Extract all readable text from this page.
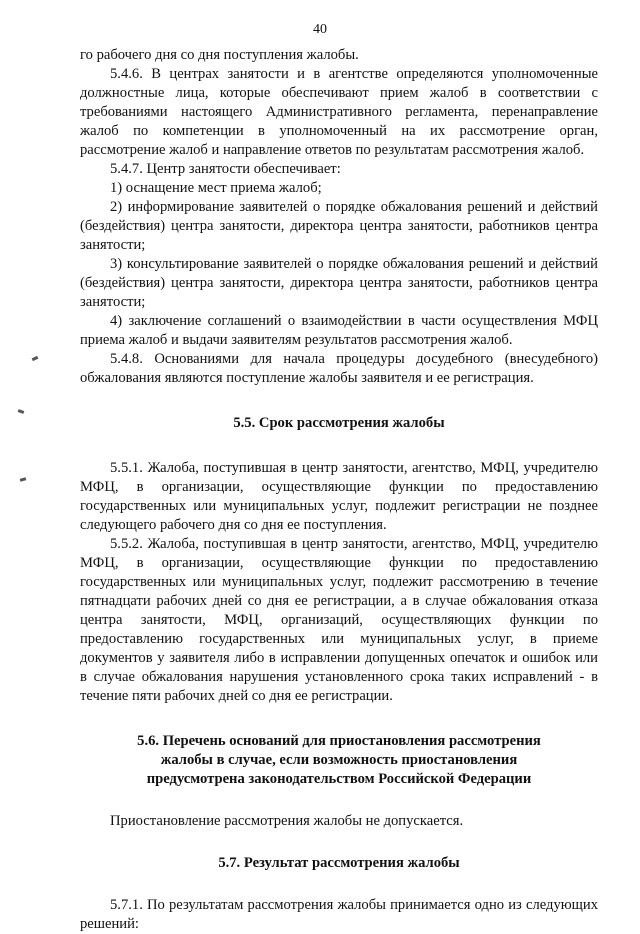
40

го рабочего дня со дня поступления жалобы.

5.4.6. В центрах занятости и в агентстве определяются уполномоченные должностные лица, которые обеспечивают прием жалоб в соответствии с требованиями настоящего Административного регламента, перенаправление жалоб по компетенции в уполномоченный на их рассмотрение орган, рассмотрение жалоб и направление ответов по результатам рассмотрения жалоб.

5.4.7. Центр занятости обеспечивает:

1) оснащение мест приема жалоб;

2) информирование заявителей о порядке обжалования решений и действий (бездействия) центра занятости, директора центра занятости, работников центра занятости;

3) консультирование заявителей о порядке обжалования решений и действий (бездействия) центра занятости, директора центра занятости, работников центра занятости;

4) заключение соглашений о взаимодействии в части осуществления МФЦ приема жалоб и выдачи заявителям результатов рассмотрения жалоб.

5.4.8. Основаниями для начала процедуры досудебного (внесудебного) обжалования являются поступление жалобы заявителя и ее регистрация.

5.5. Срок рассмотрения жалобы

5.5.1. Жалоба, поступившая в центр занятости, агентство, МФЦ, учредителю МФЦ, в организации, осуществляющие функции по предоставлению государственных или муниципальных услуг, подлежит регистрации не позднее следующего рабочего дня со дня ее поступления.

5.5.2. Жалоба, поступившая в центр занятости, агентство, МФЦ, учредителю МФЦ, в организации, осуществляющие функции по предоставлению государственных или муниципальных услуг, подлежит рассмотрению в течение пятнадцати рабочих дней со дня ее регистрации, а в случае обжалования отказа центра занятости, МФЦ, организаций, осуществляющих функции по предоставлению государственных или муниципальных услуг, в приеме документов у заявителя либо в исправлении допущенных опечаток и ошибок или в случае обжалования нарушения установленного срока таких исправлений - в течение пяти рабочих дней со дня ее регистрации.

5.6. Перечень оснований для приостановления рассмотрения
жалобы в случае, если возможность приостановления
предусмотрена законодательством Российской Федерации

Приостановление рассмотрения жалобы не допускается.

5.7. Результат рассмотрения жалобы

5.7.1. По результатам рассмотрения жалобы принимается одно из следующих решений:
